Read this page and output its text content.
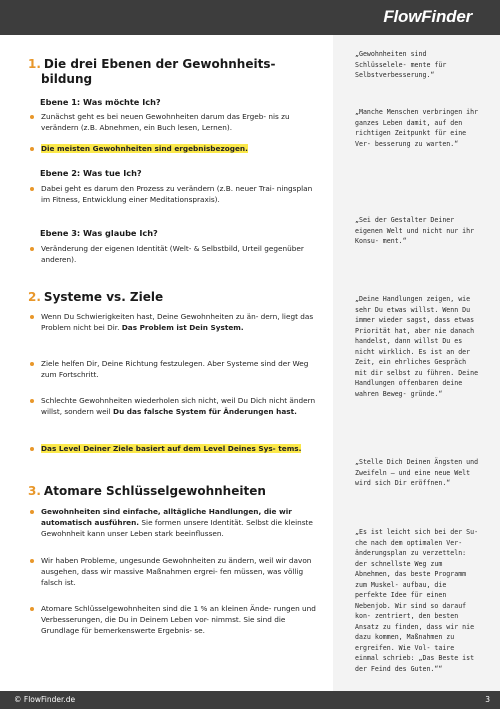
FlowFinder
1. Die drei Ebenen der Gewohnheits-
bildung
Ebene 1: Was möchte Ich?
Zunächst geht es bei neuen Gewohnheiten darum das Ergeb- nis zu verändern (z.B. Abnehmen, ein Buch lesen, Lernen).
Die meisten Gewohnheiten sind ergebnisbezogen.
Ebene 2: Was tue Ich?
Dabei geht es darum den Prozess zu verändern (z.B. neuer Trai- ningsplan im Fitness, Entwicklung einer Meditationspraxis).
Ebene 3: Was glaube Ich?
Veränderung der eigenen Identität (Welt- & Selbstbild, Urteil gegenüber anderen).
2. Systeme vs. Ziele
Wenn Du Schwierigkeiten hast, Deine Gewohnheiten zu än- dern, liegt das Problem nicht bei Dir. Das Problem ist Dein System.
Ziele helfen Dir, Deine Richtung festzulegen. Aber Systeme sind der Weg zum Fortschritt.
Schlechte Gewohnheiten wiederholen sich nicht, weil Du Dich nicht ändern willst, sondern weil Du das falsche System für Änderungen hast.
Das Level Deiner Ziele basiert auf dem Level Deines Sys- tems.
3. Atomare Schlüsselgewohnheiten
Gewohnheiten sind einfache, alltägliche Handlungen, die wir automatisch ausführen. Sie formen unsere Identität. Selbst die kleinste Gewohnheit kann unser Leben stark beeinflussen.
Wir haben Probleme, ungesunde Gewohnheiten zu ändern, weil wir davon ausgehen, dass wir massive Maßnahmen ergrei- fen müssen, was völlig falsch ist.
Atomare Schlüsselgewohnheiten sind die 1 % an kleinen Ände- rungen und Verbesserungen, die Du in Deinem Leben vor- nimmst. Sie sind die Grundlage für bemerkenswerte Ergebnis- se.
„Gewohnheiten sind Schlüsselele- mente für Selbstverbesserung.“
„Manche Menschen verbringen ihr ganzes Leben damit, auf den richtigen Zeitpunkt für eine Ver- besserung zu warten.“
„Sei der Gestalter Deiner eigenen Welt und nicht nur ihr Konsu- ment.“
„Deine Handlungen zeigen, wie sehr Du etwas willst. Wenn Du immer wieder sagst, dass etwas Priorität hat, aber nie danach handelst, dann willst Du es nicht wirklich. Es ist an der Zeit, ein ehrliches Gespräch mit dir selbst zu führen. Deine Handlungen offenbaren deine wahren Beweg- gründe.“
„Stelle Dich Deinen Ängsten und Zweifeln – und eine neue Welt wird sich Dir eröffnen.“
„Es ist leicht sich bei der Su- che nach dem optimalen Ver- änderungsplan zu verzetteln: der schnellste Weg zum Abnehmen, das beste Programm zum Muskel- aufbau, die perfekte Idee für einen Nebenjob. Wir sind so darauf kon- zentriert, den besten Ansatz zu finden, dass wir nie dazu kommen, Maßnahmen zu ergreifen. Wie Vol- taire einmal schrieb: „Das Beste ist der Feind des Guten.““
© FlowFinder.de	3
